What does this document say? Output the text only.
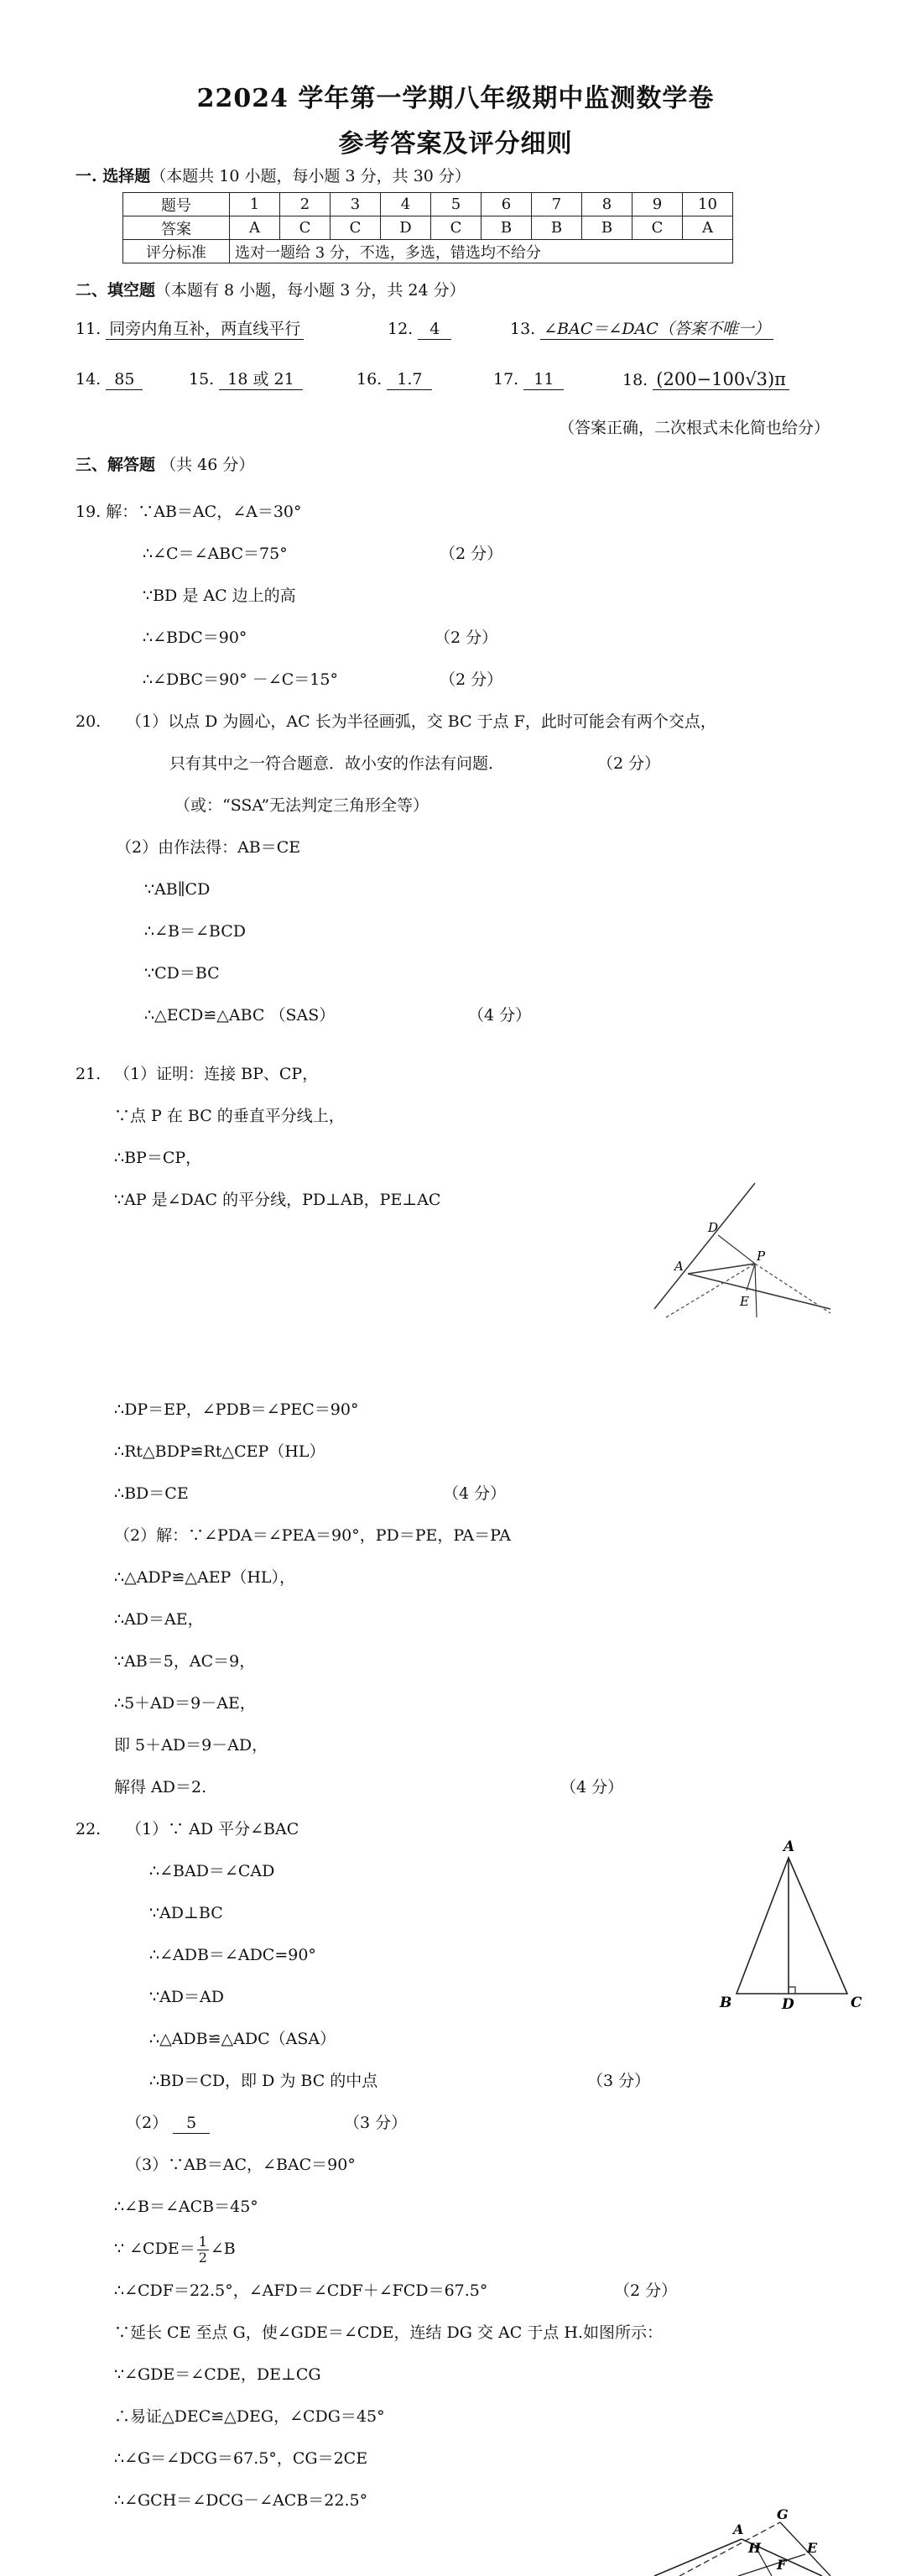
22024 学年第一学期八年级期中监测数学卷
参考答案及评分细则
一. 选择题（本题共 10 小题，每小题 3 分，共 30 分）
题号	1	2	3	4	5	6	7	8	9	10
答案	A	C	C	D	C	B	B	B	C	A
评分标准	选对一题给 3 分，不选，多选，错选均不给分									
二、填空题（本题有 8 小题，每小题 3 分，共 24 分）
11. 同旁内角互补，两直线平行	12. 4	13. ∠BAC＝∠DAC（答案不唯一）
14. 85	15. 18 或 21	16. 1.7	17. 11	18. (200−100√3)π
（答案正确，二次根式未化简也给分）
三、解答题 （共 46 分）
19. 解：∵AB＝AC，∠A＝30°
∴∠C＝∠ABC＝75°	（2 分）
∵BD 是 AC 边上的高
∴∠BDC＝90°	（2 分）
∴∠DBC＝90° －∠C＝15°	（2 分）
20. （1）以点 D 为圆心，AC 长为半径画弧，交 BC 于点 F，此时可能会有两个交点，
只有其中之一符合题意．故小安的作法有问题．	（2 分）
（或：“SSA”无法判定三角形全等）
（2）由作法得：AB＝CE
∵AB∥CD
∴∠B＝∠BCD
∵CD＝BC
∴△ECD≌△ABC （SAS）	（4 分）
21. （1）证明：连接 BP、CP，
∵点 P 在 BC 的垂直平分线上，
∴BP＝CP，
∵AP 是∠DAC 的平分线，PD⊥AB，PE⊥AC
D
P
A
E
∴DP＝EP，∠PDB＝∠PEC＝90°
∴Rt△BDP≌Rt△CEP（HL）
∴BD＝CE	（4 分）
（2）解：∵∠PDA＝∠PEA＝90°，PD＝PE，PA＝PA
∴△ADP≌△AEP（HL），
∴AD＝AE，
∵AB＝5，AC＝9，
∴5＋AD＝9－AE，
即 5＋AD＝9－AD，
解得 AD＝2.	（4 分）
22. （1）∵ AD 平分∠BAC
∴∠BAD＝∠CAD
∵AD⊥BC
∴∠ADB＝∠ADC=90°
∵AD＝AD
∴△ADB≌△ADC（ASA）
∴BD＝CD，即 D 为 BC 的中点	（3 分）
A
B	D	C
（2） 5	（3 分）
（3）∵AB＝AC，∠BAC＝90°
∴∠B＝∠ACB＝45°
∵ ∠CDE＝ $\frac{1}{2}$ ∠B
∴∠CDF＝22.5°，∠AFD＝∠CDF＋∠FCD＝67.5°	（2 分）
∵延长 CE 至点 G，使∠GDE＝∠CDE，连结 DG 交 AC 于点 H.如图所示：
∵∠GDE＝∠CDE，DE⊥CG
∴易证△DEC≌△DEG，∠CDG＝45°
∴∠G＝∠DCG＝67.5°，CG＝2CE
∴∠GCH＝∠DCG－∠ACB＝22.5°
G
A
H	E
F
